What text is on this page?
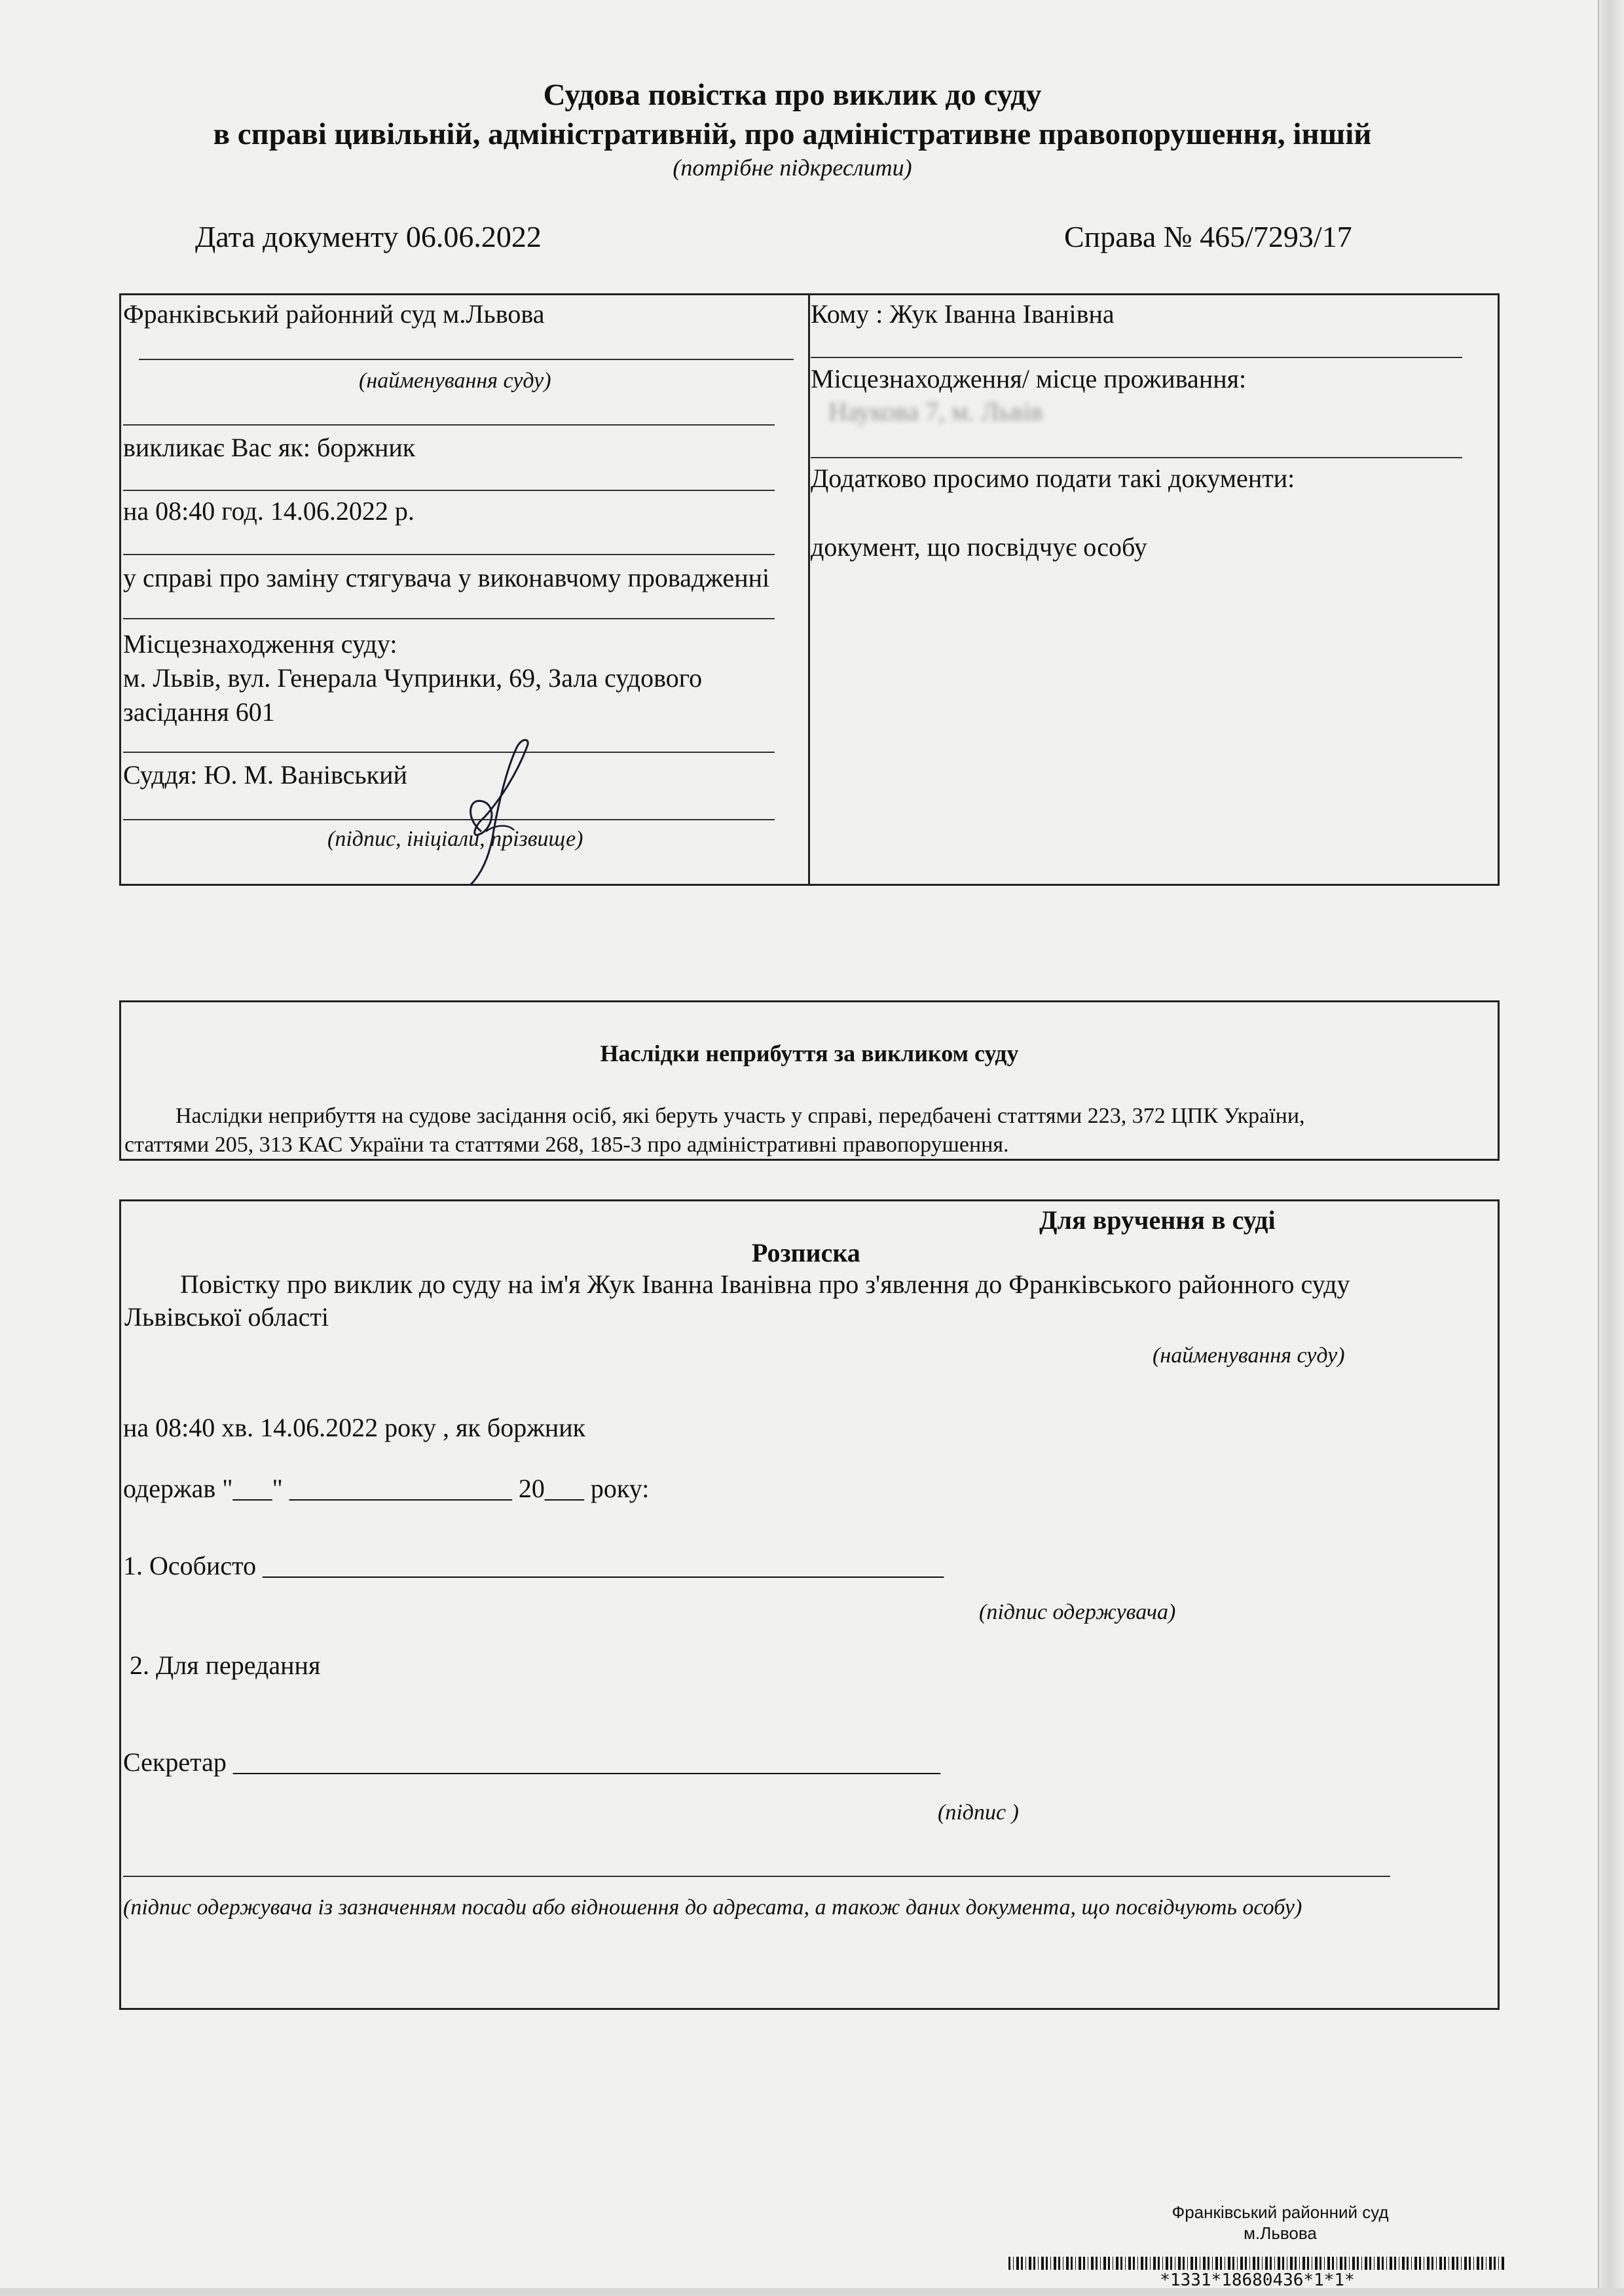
Судова повістка про виклик до суду
в справі цивільній, адміністративній, про адміністративне правопорушення, іншій
(потрібне підкреслити)
Дата документу 06.06.2022	Справа № 465/7293/17
Франківський районний суд м.Львова
(найменування суду)
викликає Вас як: боржник
на 08:40 год. 14.06.2022 р.
у справі про заміну стягувача у виконавчому провадженні
Місцезнаходження суду:
м. Львів, вул. Генерала Чупринки, 69, Зала судового
засідання 601
Суддя: Ю. М. Ванівський
(підпис, ініціали, прізвище)
Кому : Жук Іванна Іванівна
Місцезнаходження/ місце проживання:
Наукова 7, м. Львів
Додатково просимо подати такі документи:
документ, що посвідчує особу
Наслідки неприбуття за викликом суду
Наслідки неприбуття на судове засідання осіб, які беруть участь у справі, передбачені статтями 223, 372 ЦПК України,
статтями 205, 313 КАС України та статтями 268, 185-3 про адміністративні правопорушення.
Для вручення в суді
Розписка
Повістку про виклик до суду на ім'я Жук Іванна Іванівна про з'явлення до Франківського районного суду
Львівської області
(найменування суду)
на 08:40 хв. 14.06.2022 року , як боржник
одержав "___" _________________ 20___ року:
1. Особисто ____________________________________________________
(підпис одержувача)
2. Для передання
Секретар ______________________________________________________
(підпис )
(підпис одержувача із зазначенням посади або відношення до адресата, а також даних документа, що посвідчують особу)
Франківський районний суд
м.Львова
*1331*18680436*1*1*
